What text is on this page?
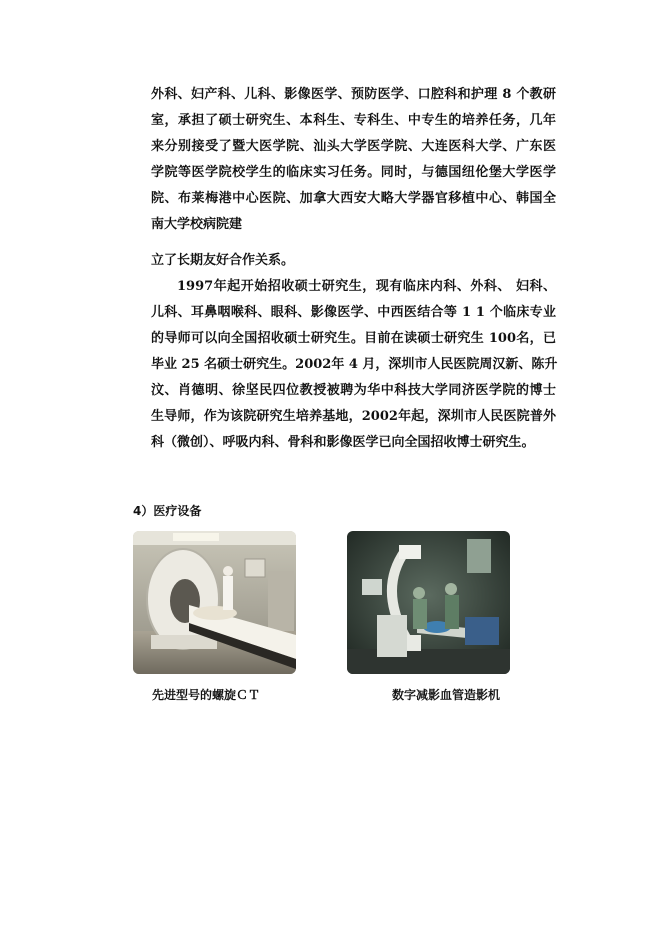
外科、妇产科、儿科、影像医学、预防医学、口腔科和护理 8 个教研
室，承担了硕士研究生、本科生、专科生、中专生的培养任务，几年
来分别接受了暨大医学院、汕头大学医学院、大连医科大学、广东医
学院等医学院校学生的临床实习任务。同时，与德国纽伦堡大学医学
院、布莱梅港中心医院、加拿大西安大略大学器官移植中心、韩国全
南大学校病院建

立了长期友好合作关系。

1997年起开始招收硕士研究生，现有临床内科、外科、 妇科、
儿科、耳鼻咽喉科、眼科、影像医学、中西医结合等 1 1 个临床专业
的导师可以向全国招收硕士研究生。目前在读硕士研究生 100名，已
毕业 25 名硕士研究生。2002年 4 月，深圳市人民医院周汉新、陈升
汶、肖德明、徐坚民四位教授被聘为华中科技大学同济医学院的博士
生导师，作为该院研究生培养基地，2002年起，深圳市人民医院普外
科（微创）、呼吸内科、骨科和影像医学已向全国招收博士研究生。

4）医疗设备
先进型号的螺旋ＣＴ	数字减影血管造影机
